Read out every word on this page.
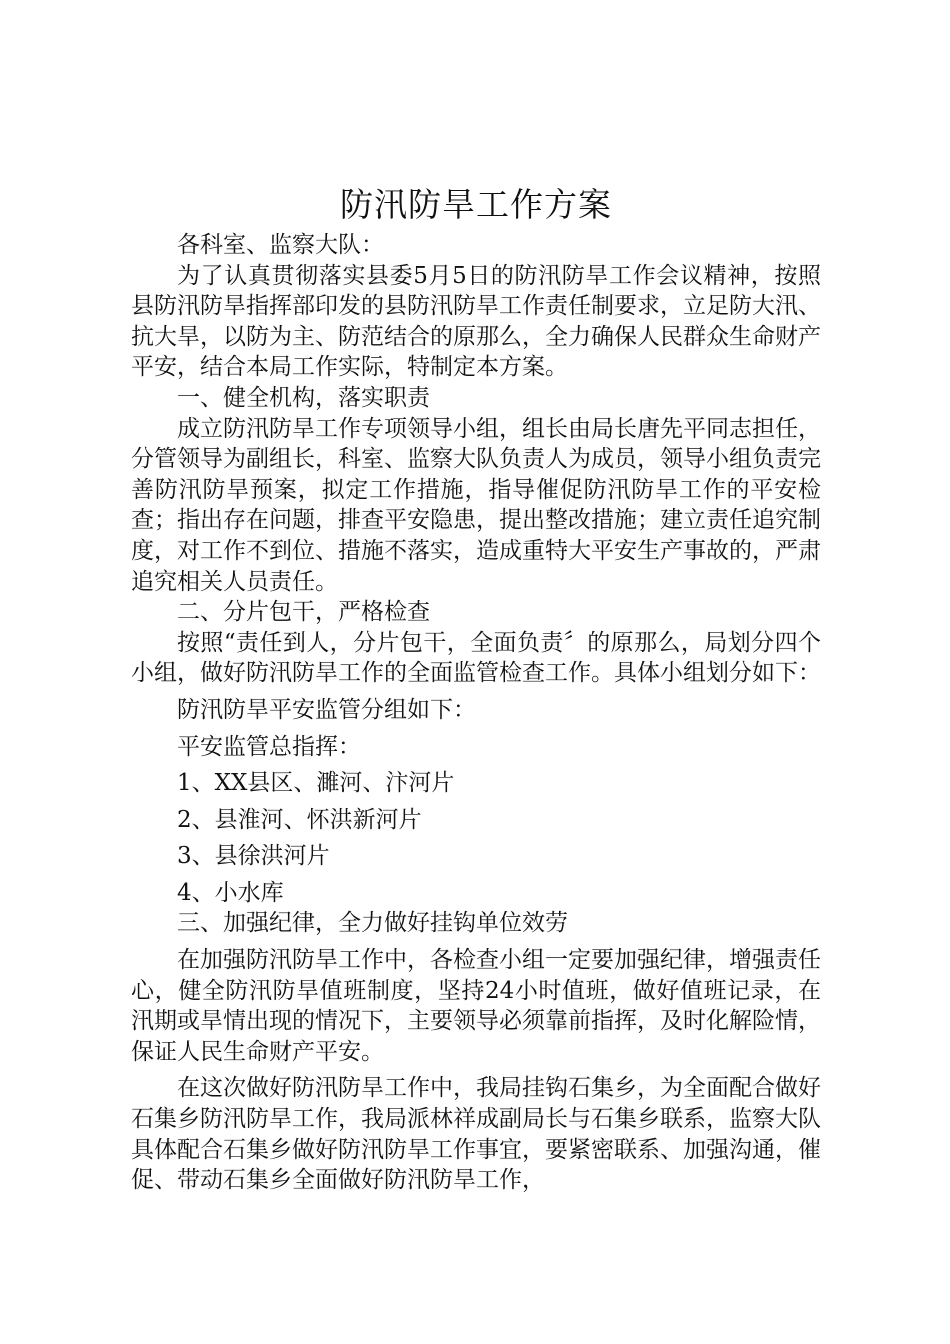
防汛防旱工作方案

各科室、监察大队：

为了认真贯彻落实县委5月5日的防汛防旱工作会议精神，按照县防汛防旱指挥部印发的县防汛防旱工作责任制要求，立足防大汛、抗大旱，以防为主、防范结合的原那么，全力确保人民群众生命财产平安，结合本局工作实际，特制定本方案。

一、健全机构，落实职责

成立防汛防旱工作专项领导小组，组长由局长唐先平同志担任，分管领导为副组长，科室、监察大队负责人为成员，领导小组负责完善防汛防旱预案，拟定工作措施，指导催促防汛防旱工作的平安检查；指出存在问题，排查平安隐患，提出整改措施；建立责任追究制度，对工作不到位、措施不落实，造成重特大平安生产事故的，严肃追究相关人员责任。

二、分片包干，严格检查

按照“责任到人，分片包干，全面负责〞的原那么，局划分四个小组，做好防汛防旱工作的全面监管检查工作。具体小组划分如下：

防汛防旱平安监管分组如下：

平安监管总指挥：

1、XX县区、濉河、汴河片

2、县淮河、怀洪新河片

3、县徐洪河片

4、小水库

三、加强纪律，全力做好挂钩单位效劳

在加强防汛防旱工作中，各检查小组一定要加强纪律，增强责任心，健全防汛防旱值班制度，坚持24小时值班，做好值班记录，在汛期或旱情出现的情况下，主要领导必须靠前指挥，及时化解险情，保证人民生命财产平安。

在这次做好防汛防旱工作中，我局挂钩石集乡，为全面配合做好石集乡防汛防旱工作，我局派林祥成副局长与石集乡联系，监察大队具体配合石集乡做好防汛防旱工作事宜，要紧密联系、加强沟通，催促、带动石集乡全面做好防汛防旱工作，
